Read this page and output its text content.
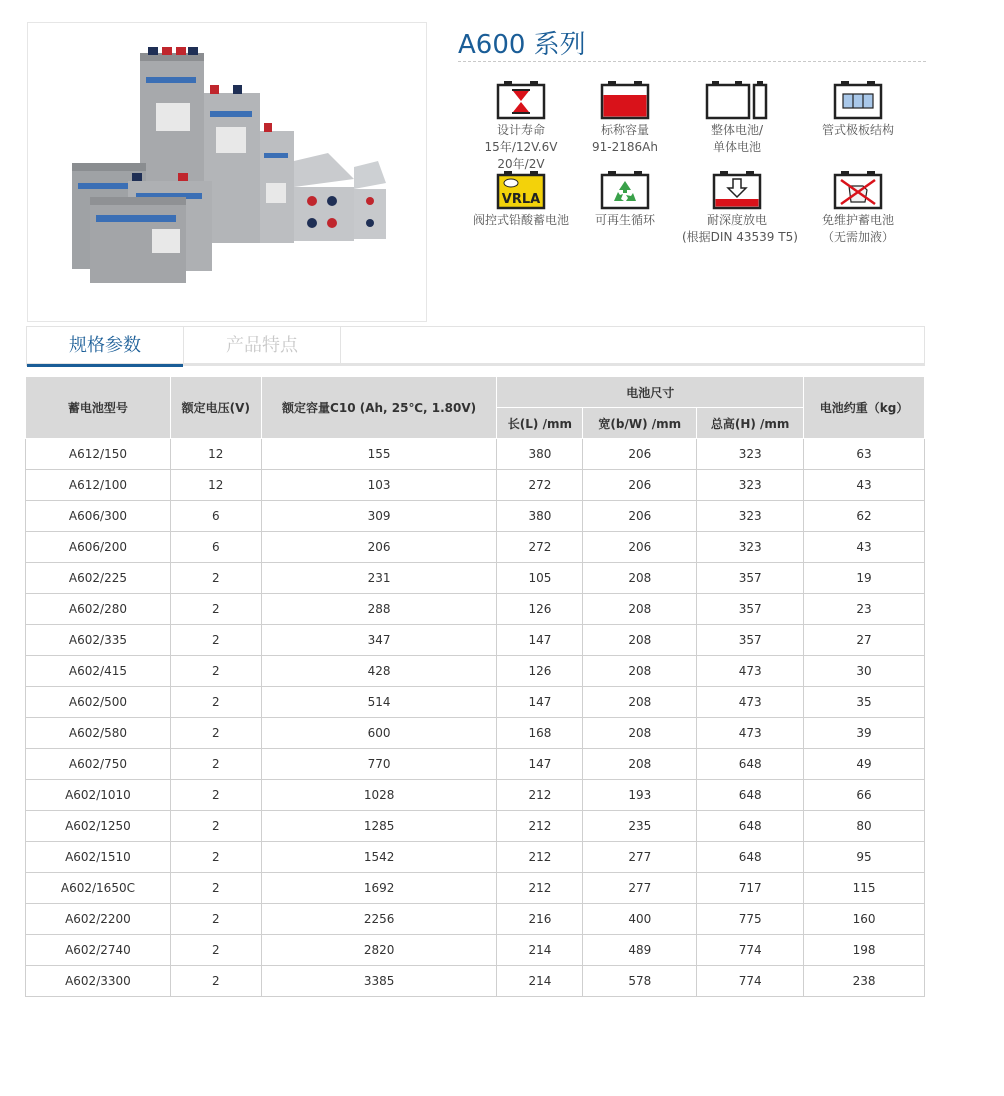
A600 系列
设计寿命
15年/12V.6V
20年/2V
标称容量
91-2186Ah
整体电池/
单体电池
管式极板结构
VRLA
阀控式铅酸蓄电池	可再生循环	耐深度放电
(根据DIN 43539 T5)
免维护蓄电池
（无需加液）
规格参数	产品特点
蓄电池型号	额定电压(V)	额定容量C10 (Ah, 25℃, 1.80V)	电池尺寸			电池约重（kg）
			长(L) /mm	宽(b/W) /mm	总高(H) /mm	
A612/150	12	155	380	206	323	63
A612/100	12	103	272	206	323	43
A606/300	6	309	380	206	323	62
A606/200	6	206	272	206	323	43
A602/225	2	231	105	208	357	19
A602/280	2	288	126	208	357	23
A602/335	2	347	147	208	357	27
A602/415	2	428	126	208	473	30
A602/500	2	514	147	208	473	35
A602/580	2	600	168	208	473	39
A602/750	2	770	147	208	648	49
A602/1010	2	1028	212	193	648	66
A602/1250	2	1285	212	235	648	80
A602/1510	2	1542	212	277	648	95
A602/1650C	2	1692	212	277	717	115
A602/2200	2	2256	216	400	775	160
A602/2740	2	2820	214	489	774	198
A602/3300	2	3385	214	578	774	238
